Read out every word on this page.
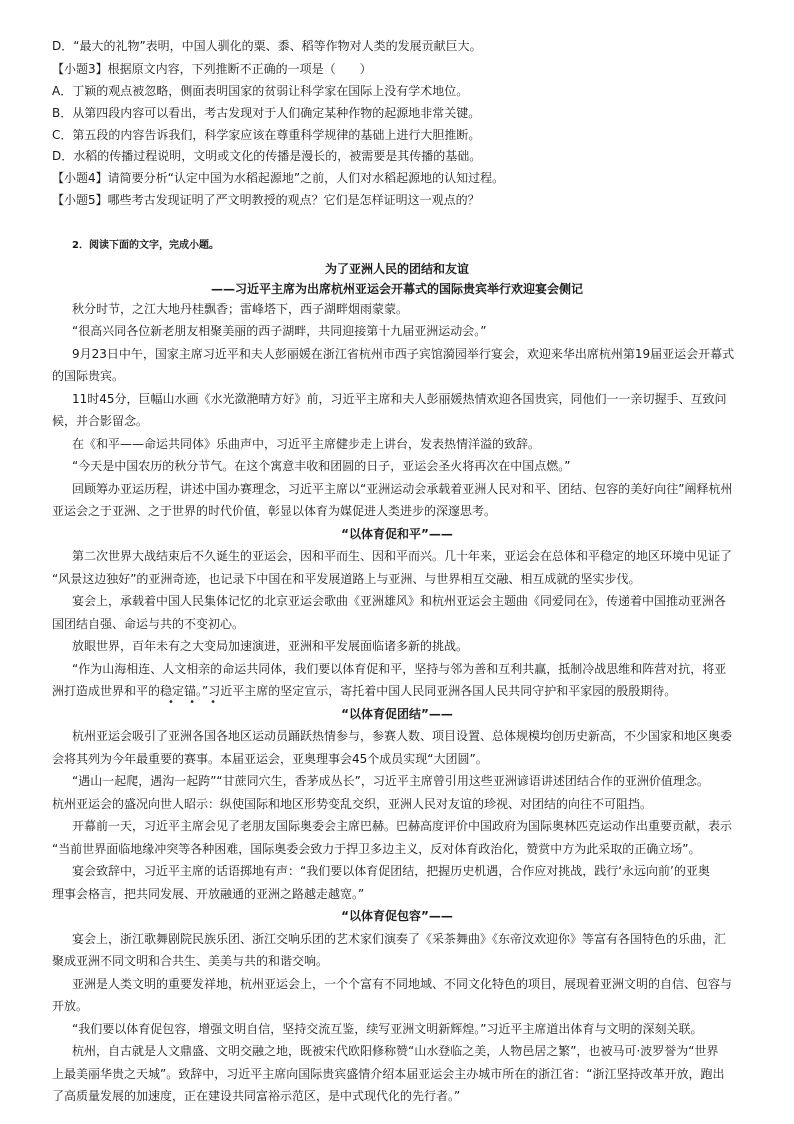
D．“最大的礼物”表明，中国人驯化的粟、黍、稻等作物对人类的发展贡献巨大。
【小题3】根据原文内容，下列推断不正确的一项是（　　）
A．丁颖的观点被忽略，侧面表明国家的贫弱让科学家在国际上没有学术地位。
B．从第四段内容可以看出，考古发现对于人们确定某种作物的起源地非常关键。
C．第五段的内容告诉我们，科学家应该在尊重科学规律的基础上进行大胆推断。
D．水稻的传播过程说明，文明或文化的传播是漫长的，被需要是其传播的基础。
【小题4】请简要分析“认定中国为水稻起源地”之前，人们对水稻起源地的认知过程。
【小题5】哪些考古发现证明了严文明教授的观点？它们是怎样证明这一观点的？
2．阅读下面的文字，完成小题。
为了亚洲人民的团结和友谊
——习近平主席为出席杭州亚运会开幕式的国际贵宾举行欢迎宴会侧记
秋分时节，之江大地丹桂飘香；雷峰塔下，西子湖畔烟雨蒙蒙。
“很高兴同各位新老朋友相聚美丽的西子湖畔，共同迎接第十九届亚洲运动会。”
9月23日中午，国家主席习近平和夫人彭丽媛在浙江省杭州市西子宾馆漪园举行宴会，欢迎来华出席杭州第19届亚运会开幕式
的国际贵宾。
11时45分，巨幅山水画《水光潋滟晴方好》前，习近平主席和夫人彭丽媛热情欢迎各国贵宾，同他们一一亲切握手、互致问
候，并合影留念。
在《和平——命运共同体》乐曲声中，习近平主席健步走上讲台，发表热情洋溢的致辞。
“今天是中国农历的秋分节气。在这个寓意丰收和团圆的日子，亚运会圣火将再次在中国点燃。”
回顾筹办亚运历程，讲述中国办赛理念，习近平主席以“亚洲运动会承载着亚洲人民对和平、团结、包容的美好向往”阐释杭州
亚运会之于亚洲、之于世界的时代价值，彰显以体育为媒促进人类进步的深邃思考。
“以体育促和平”——
第二次世界大战结束后不久诞生的亚运会，因和平而生、因和平而兴。几十年来，亚运会在总体和平稳定的地区环境中见证了
“风景这边独好”的亚洲奇迹，也记录下中国在和平发展道路上与亚洲、与世界相互交融、相互成就的坚实步伐。
宴会上，承载着中国人民集体记忆的北京亚运会歌曲《亚洲雄风》和杭州亚运会主题曲《同爱同在》，传递着中国推动亚洲各
国团结自强、命运与共的不变初心。
放眼世界，百年未有之大变局加速演进，亚洲和平发展面临诸多新的挑战。
“作为山海相连、人文相亲的命运共同体，我们要以体育促和平，坚持与邻为善和互利共赢，抵制冷战思维和阵营对抗，将亚
洲打造成世界和平的稳定锚。”习近平主席的坚定宣示，寄托着中国人民同亚洲各国人民共同守护和平家园的殷殷期待。
• • •
“以体育促团结”——
杭州亚运会吸引了亚洲各国各地区运动员踊跃热情参与，参赛人数、项目设置、总体规模均创历史新高，不少国家和地区奥委
会将其列为今年最重要的赛事。本届亚运会，亚奥理事会45个成员实现“大团圆”。
“遇山一起爬，遇沟一起跨”“甘蔗同穴生，香茅成丛长”，习近平主席曾引用这些亚洲谚语讲述团结合作的亚洲价值理念。
杭州亚运会的盛况向世人昭示：纵使国际和地区形势变乱交织，亚洲人民对友谊的珍视、对团结的向往不可阻挡。
开幕前一天，习近平主席会见了老朋友国际奥委会主席巴赫。巴赫高度评价中国政府为国际奥林匹克运动作出重要贡献，表示
“当前世界面临地缘冲突等各种困难，国际奥委会致力于捍卫多边主义，反对体育政治化，赞赏中方为此采取的正确立场”。
宴会致辞中，习近平主席的话语掷地有声：“我们要以体育促团结，把握历史机遇，合作应对挑战，践行‘永远向前’的亚奥
理事会格言，把共同发展、开放融通的亚洲之路越走越宽。”
“以体育促包容”——
宴会上，浙江歌舞剧院民族乐团、浙江交响乐团的艺术家们演奏了《采茶舞曲》《东帝汶欢迎你》等富有各国特色的乐曲，汇
聚成亚洲不同文明和合共生、美美与共的和谐交响。
亚洲是人类文明的重要发祥地，杭州亚运会上，一个个富有不同地域、不同文化特色的项目，展现着亚洲文明的自信、包容与
开放。
“我们要以体育促包容，增强文明自信，坚持交流互鉴，续写亚洲文明新辉煌。”习近平主席道出体育与文明的深刻关联。
杭州，自古就是人文鼎盛、文明交融之地，既被宋代欧阳修称赞“山水登临之美，人物邑居之繁”，也被马可·波罗誉为“世界
上最美丽华贵之天城”。致辞中，习近平主席向国际贵宾盛情介绍本届亚运会主办城市所在的浙江省：“浙江坚持改革开放，跑出
了高质量发展的加速度，正在建设共同富裕示范区，是中式现代化的先行者。”
